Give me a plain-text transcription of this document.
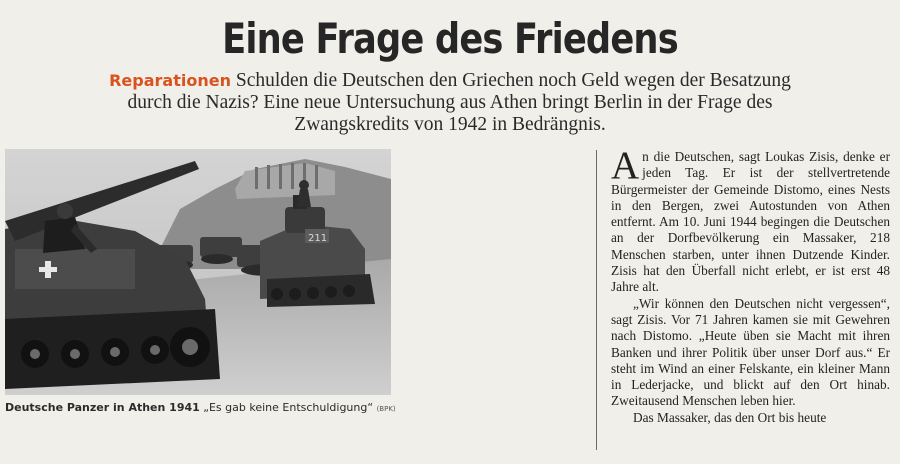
Eine Frage des Friedens
Reparationen Schulden die Deutschen den Griechen noch Geld wegen der Besatzung durch die Nazis? Eine neue Untersuchung aus Athen bringt Berlin in der Frage des Zwangskredits von 1942 in Bedrängnis.
211
Deutsche Panzer in Athen 1941 „Es gab keine Entschuldigung“ (BPK)

An die Deutschen, sagt Loukas Zisis, denke er jeden Tag. Er ist der stellvertretende Bürgermeister der Gemeinde Distomo, eines Nests in den Bergen, zwei Autostunden von Athen entfernt. Am 10. Juni 1944 begingen die Deutschen an der Dorfbevölkerung ein Massaker, 218 Menschen starben, unter ihnen Dutzende Kinder. Zisis hat den Überfall nicht erlebt, er ist erst 48 Jahre alt.

„Wir können den Deutschen nicht vergessen“, sagt Zisis. Vor 71 Jahren kamen sie mit Gewehren nach Distomo. „Heute üben sie Macht mit ihren Banken und ihrer Politik über unser Dorf aus.“ Er steht im Wind an einer Felskante, ein kleiner Mann in Lederjacke, und blickt auf den Ort hinab. Zweitausend Menschen leben hier.

Das Massaker, das den Ort bis heute
